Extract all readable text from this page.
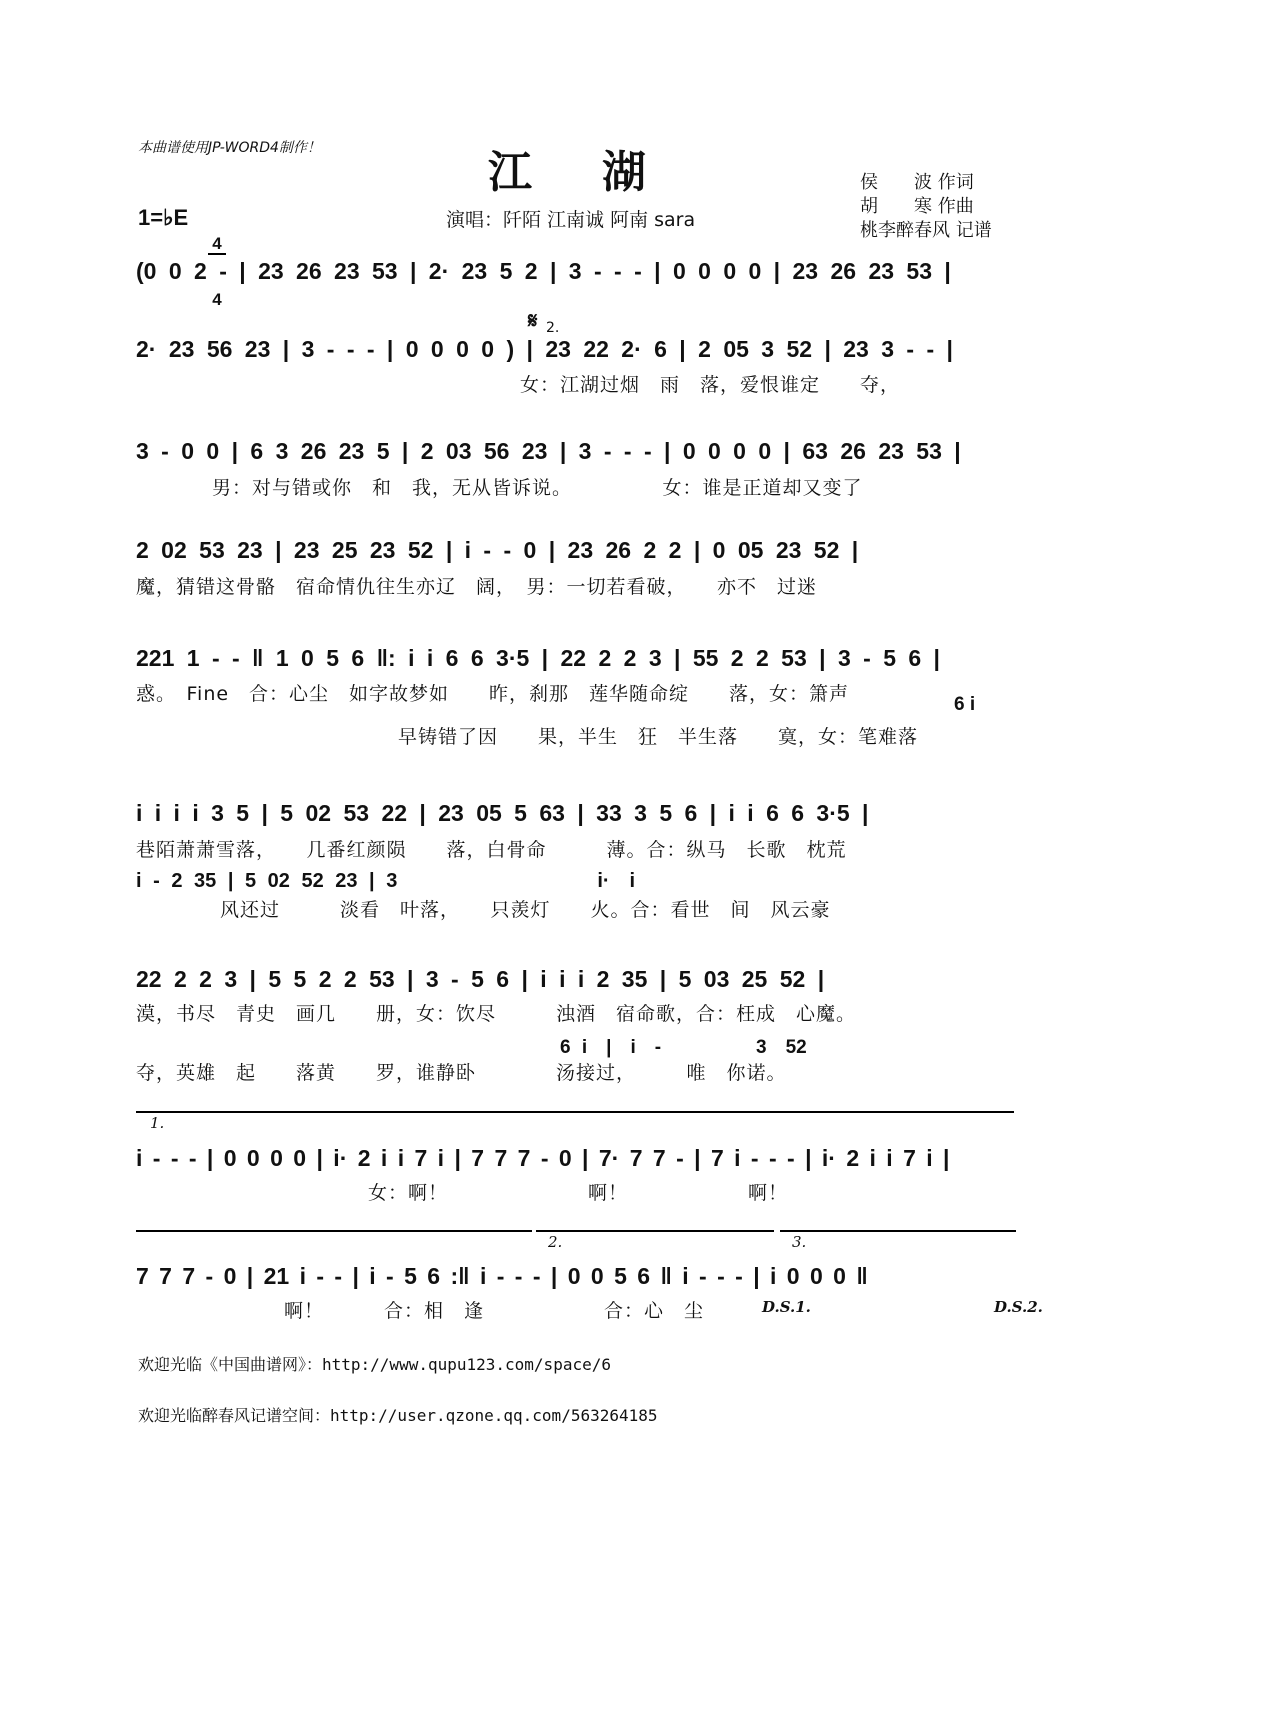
本曲谱使用JP-WORD4制作！	江湖
1=♭E

4

4

演唱：阡陌 江南诚 阿南 sara
侯　　波 作词
胡　　寒 作曲
桃李醉春风 记谱
(0 0 2 - | 23 26 23 53 | 2· 23 5 2 | 3 - - - | 0 0 0 0 | 23 26 23 53 |
𝄋 2.
2· 23 56 23 | 3 - - - | 0 0 0 0 ) | 23 22 2· 6 | 2 05 3 52 | 23 3 - - |
女：江湖过烟　雨　落，爱恨谁定　　夺，
3 - 0 0 | 6 3 26 23 5 | 2 03 56 23 | 3 - - - | 0 0 0 0 | 63 26 23 53 |
男：对与错或你　和　我，无从皆诉说。　　　　　女：谁是正道却又变了
2 02 53 23 | 23 25 23 52 | i - - 0 | 23 26 2 2 | 0 05 23 52 |
魔，猜错这骨骼　宿命情仇往生亦辽　阔，　男：一切若看破，　　亦不　过迷
221 1 - - ‖ 1 0 5 6 ‖: i i 6 6 3·5 | 22 2 2 3 | 55 2 2 53 | 3 - 5 6 |
惑。　Fine　合：心尘　如字故梦如　　昨，刹那　莲华随命绽　　落，女：箫声	6 i
早铸错了因　　果，半生　狂　半生落　　寞，女：笔难落
i i i i 3 5 | 5 02 53 22 | 23 05 5 63 | 33 3 5 6 | i i 6 6 3·5 |
巷陌萧萧雪落，　　几番红颜陨　　落，白骨命　　　薄。合：纵马　长歌　枕荒
i - 2 35 | 5 02 52 23 | 3　　　　　　　　　　i·　i
风还过　　　淡看　叶落，　　只羡灯　　火。合：看世　间　风云豪
22 2 2 3 | 5 5 2 2 53 | 3 - 5 6 | i i i 2 35 | 5 03 25 52 |
漠，书尽　青史　画几　　册，女：饮尽　　　浊酒　宿命歌，合：枉成　心魔。
6 i　|　i　-　　　　　3　52
夺，英雄　起　　落黄　　罗，谁静卧　　　　汤接过，　　　唯　你诺。
1.
i - - - | 0 0 0 0 | i· 2 i i 7 i | 7 7 7 - 0 | 7· 7 7 - | 7 i - - - | i· 2 i i 7 i |
女：啊！　　　　　　　啊！　　　　　　啊！
2.	3.
7 7 7 - 0 | 21 i - - | i - 5 6 :‖ i - - - | 0 0 5 6 ‖ i - - - | i 0 0 0 ‖
啊！　　　合：相　逢　　　　　　合：心　尘	D.S.1.	D.S.2.
欢迎光临《中国曲谱网》：http://www.qupu123.com/space/6
欢迎光临醉春风记谱空间：http://user.qzone.qq.com/563264185
